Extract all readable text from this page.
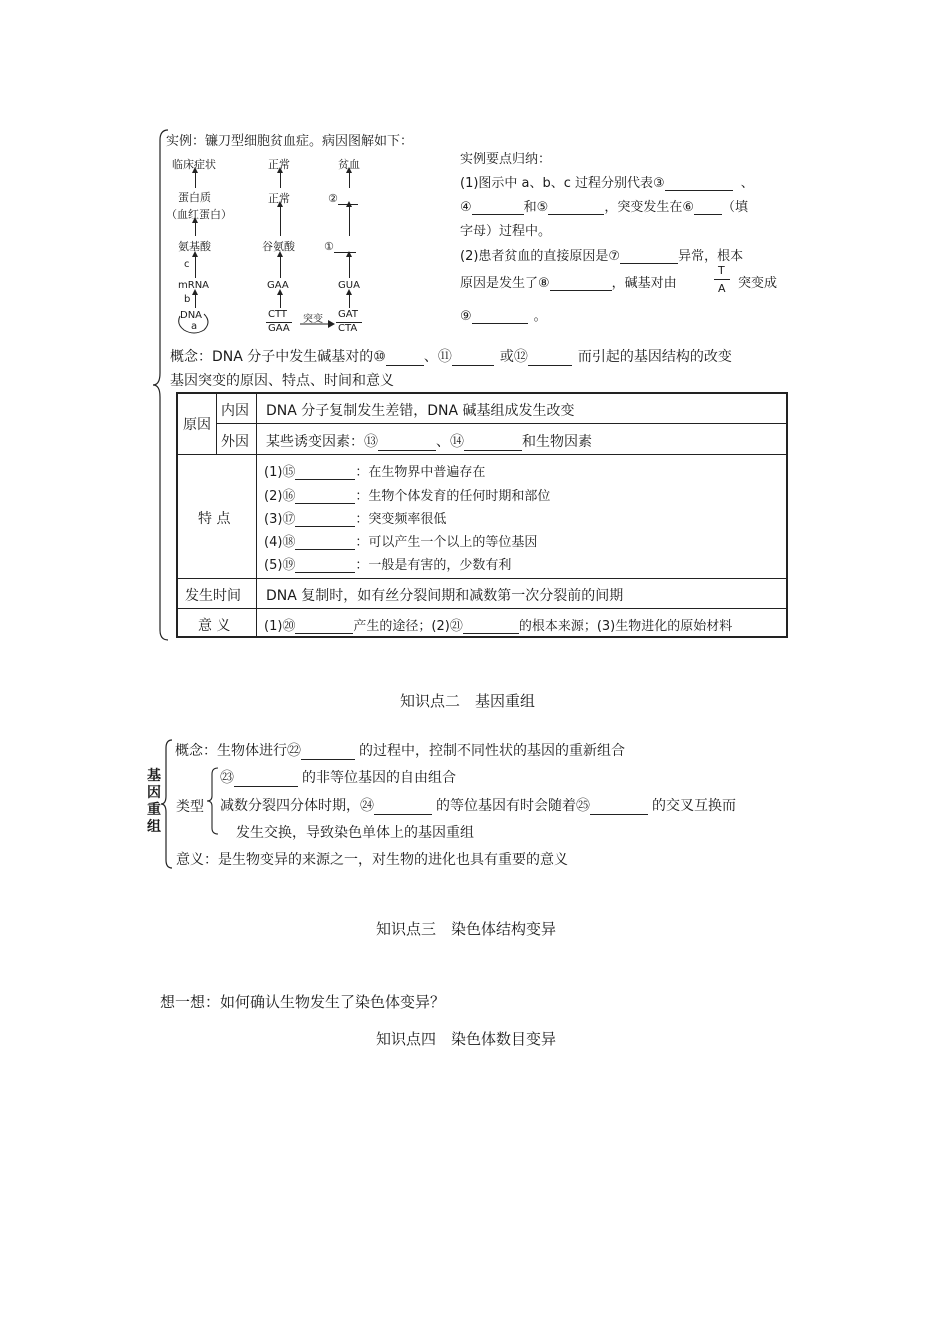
实例：镰刀型细胞贫血症。病因图解如下：
临床症状
蛋白质
（血红蛋白）
氨基酸
c
mRNA
b
DNA
a
正常
正常
谷氨酸
GAA
CTT
GAA
突变
贫血
②
①
GUA
GAT
CTA
实例要点归纳：
(1)图示中 a、b、c 过程分别代表③	、
④	和⑤	，突变发生在⑥ （填
字母）过程中。
(2)患者贫血的直接原因是⑦	异常，根本
原因是发生了⑧	，碱基对由
T
A 突变成
⑨	。
概念：DNA 分子中发生碱基对的⑩	、⑪	或⑫	而引起的基因结构的改变
基因突变的原因、特点、时间和意义
原因
内因 DNA 分子复制发生差错，DNA 碱基组成发生改变
外因 某些诱变因素：⑬	、⑭	和生物因素
特 点
(1)⑮	：在生物界中普遍存在
(2)⑯	：生物个体发育的任何时期和部位
(3)⑰	：突变频率很低
(4)⑱	：可以产生一个以上的等位基因
(5)⑲	：一般是有害的，少数有利
发生时间 DNA 复制时，如有丝分裂间期和减数第一次分裂前的间期
意 义	(1)⑳	产生的途径；(2)㉑	的根本来源；(3)生物进化的原始材料
知识点二　基因重组
基
因
重
组
概念：生物体进行㉒	的过程中，控制不同性状的基因的重新组合
类型
㉓	的非等位基因的自由组合
减数分裂四分体时期，㉔	的等位基因有时会随着㉕	的交叉互换而
发生交换，导致染色单体上的基因重组
意义：是生物变异的来源之一，对生物的进化也具有重要的意义
知识点三　染色体结构变异
想一想：如何确认生物发生了染色体变异？
知识点四　染色体数目变异
